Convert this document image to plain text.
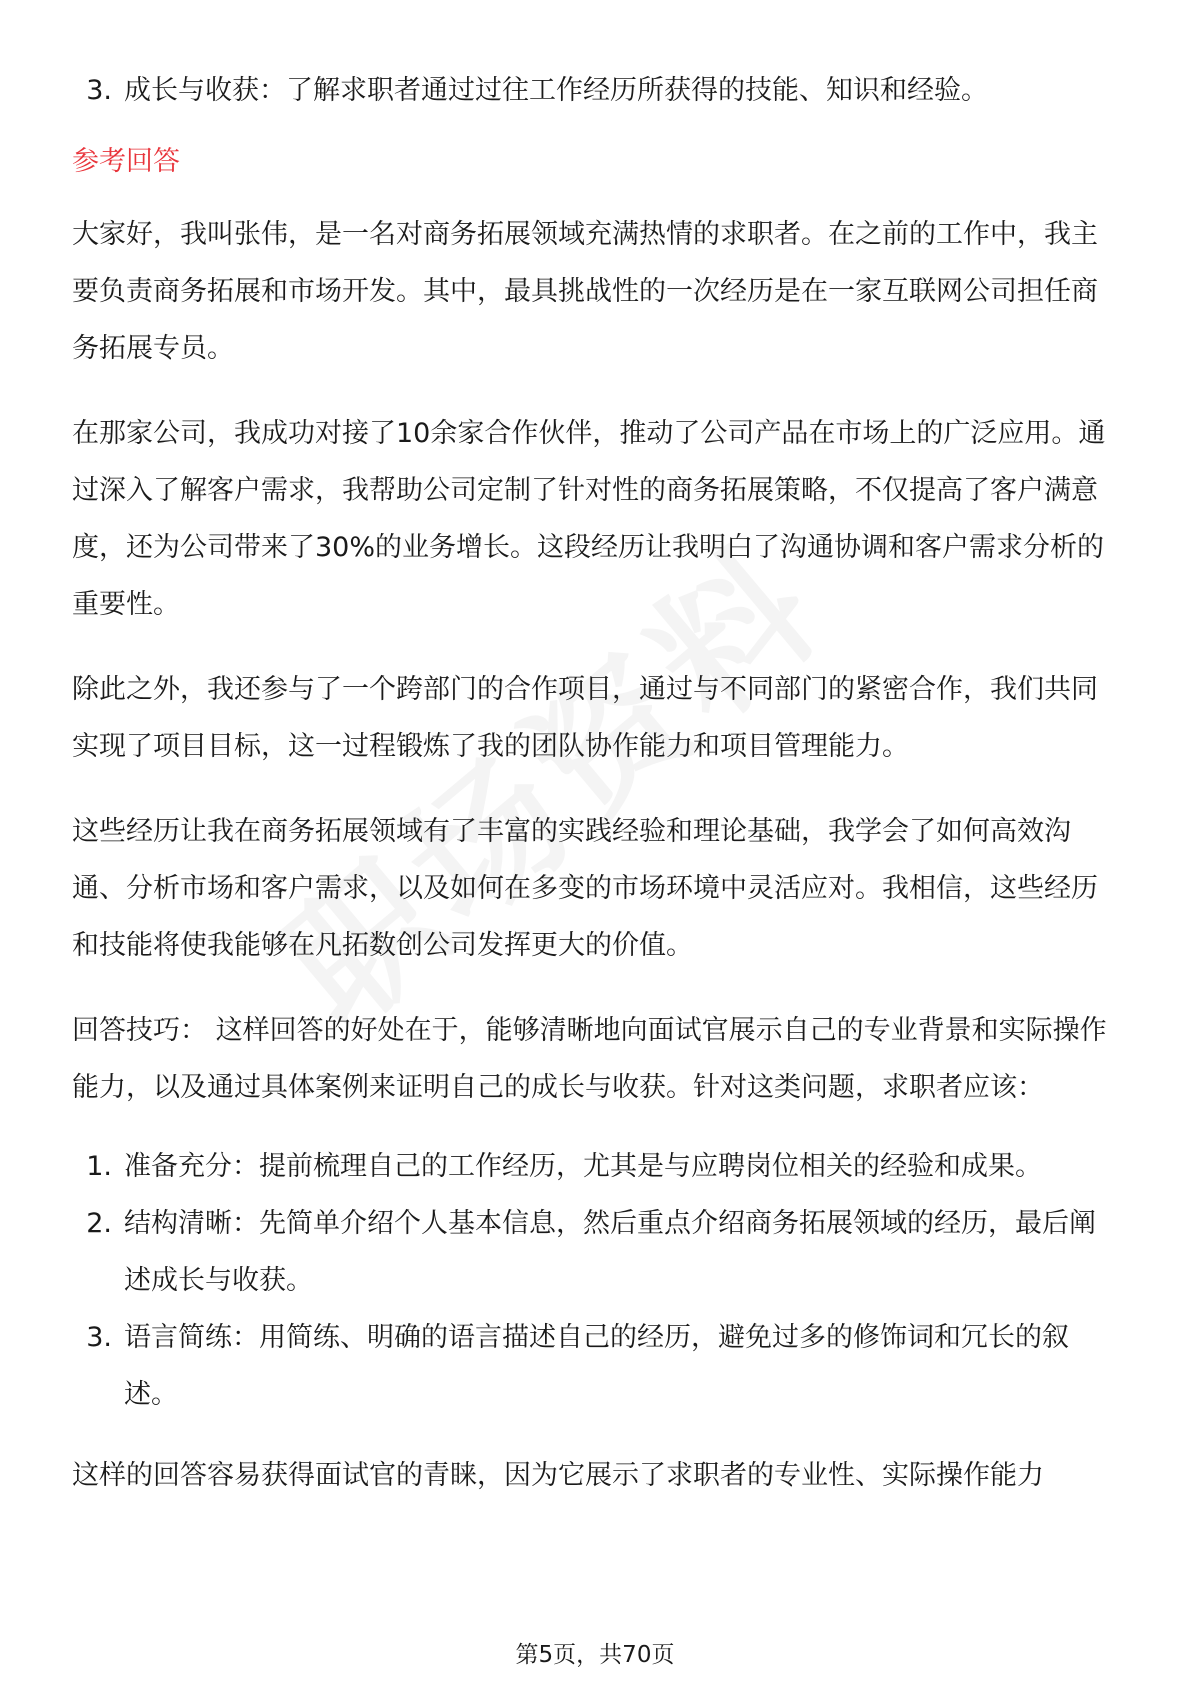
3. 成长与收获：了解求职者通过过往工作经历所获得的技能、知识和经验。
参考回答

大家好，我叫张伟，是一名对商务拓展领域充满热情的求职者。在之前的工作中，我主要负责商务拓展和市场开发。其中，最具挑战性的一次经历是在一家互联网公司担任商务拓展专员。

在那家公司，我成功对接了10余家合作伙伴，推动了公司产品在市场上的广泛应用。通过深入了解客户需求，我帮助公司定制了针对性的商务拓展策略，不仅提高了客户满意度，还为公司带来了30%的业务增长。这段经历让我明白了沟通协调和客户需求分析的重要性。

除此之外，我还参与了一个跨部门的合作项目，通过与不同部门的紧密合作，我们共同实现了项目目标，这一过程锻炼了我的团队协作能力和项目管理能力。

这些经历让我在商务拓展领域有了丰富的实践经验和理论基础，我学会了如何高效沟通、分析市场和客户需求，以及如何在多变的市场环境中灵活应对。我相信，这些经历和技能将使我能够在凡拓数创公司发挥更大的价值。

回答技巧： 这样回答的好处在于，能够清晰地向面试官展示自己的专业背景和实际操作能力，以及通过具体案例来证明自己的成长与收获。针对这类问题，求职者应该：

1. 准备充分：提前梳理自己的工作经历，尤其是与应聘岗位相关的经验和成果。
2. 结构清晰：先简单介绍个人基本信息，然后重点介绍商务拓展领域的经历，最后阐述成长与收获。
3. 语言简练：用简练、明确的语言描述自己的经历，避免过多的修饰词和冗长的叙述。

这样的回答容易获得面试官的青睐，因为它展示了求职者的专业性、实际操作能力

第5页，共70页
